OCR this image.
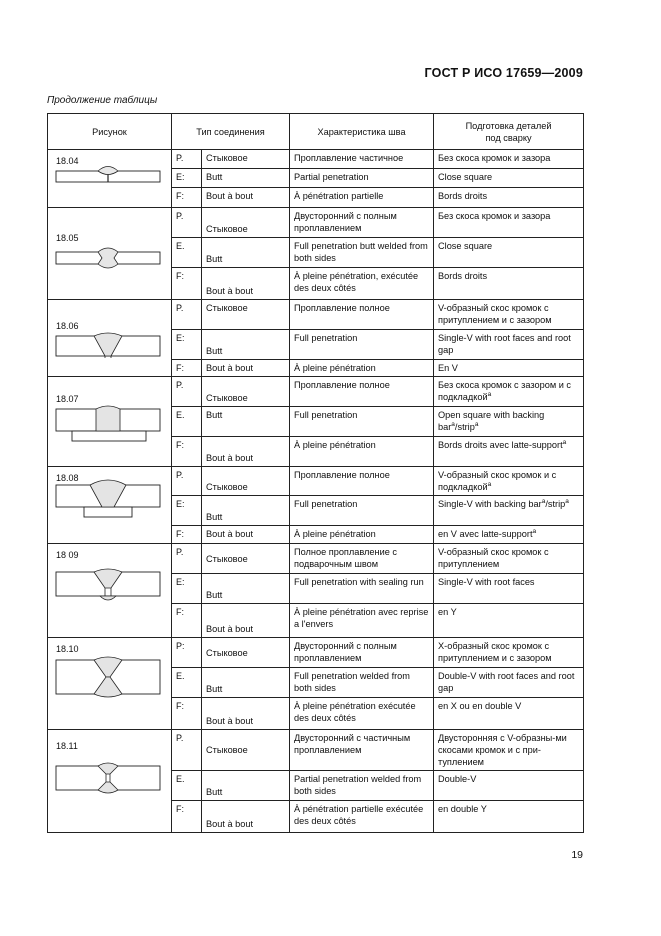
ГОСТ Р ИСО 17659—2009
Продолжение таблицы
Рисунок	Тип соединения		Характеристика шва	Подготовка деталей
под сварку

18.04	P.	Стыковое	Проплавление частичное	Без скоса кромок и зазора
	E:	Butt	Partial penetration	Close square
	F:	Bout à bout	À pénétration partielle	Bords droits

18.05	P.	Стыковое	Двусторонний с полным проплавлением	Без скоса кромок и зазора
	E.	Butt	Full penetration butt welded from both sides	Close square
	F:	Bout à bout	À pleine pénétration, exécutée des deux côtés	Bords droits

18.06	P.	Стыковое	Проплавление полное	V-образный скос кромок с притуплением и с зазором
	E:	Butt	Full penetration	Single-V with root faces and root gap
	F:	Bout à bout	À pleine pénétration	En V

18.07	P.	Стыковое	Проплавление полное	Без скоса кромок с зазором и с подкладкой$^a$
	E.	Butt	Full penetration	Open square with backing bar$^a$/strip$^a$
	F:	Bout à bout	À pleine pénétration	Bords droits avec latte-support$^a$

18.08	P.	Стыковое	Проплавление полное	V-образный скос кромок и с подкладкой$^a$
	E:	Butt	Full penetration	Single-V with backing bar$^a$/strip$^a$
	F:	Bout à bout	À pleine pénétration	en V avec latte-support$^a$

18 09	P.	Стыковое	Полное проплавление с подварочным швом	V-образный скос кромок с притуплением
	E:	Butt	Full penetration with sealing run	Single-V with root faces
	F:	Bout à bout	À pleine pénétration avec reprise a l'envers	en Y

18.10	P:	Стыковое	Двусторонний с полным проплавлением	X-образный скос кромок с притуплением и с зазором
	E.	Butt	Full penetration welded from both sides	Double-V with root faces and root gap
	F:	Bout à bout	À pleine pénétration exécutée des deux côtés	en X ou en double V

18.11	P.	Стыковое	Двусторонний с частичным проплавлением	Двусторонняя с V-образны-ми скосами кромок и с при-туплением
	E.	Butt	Partial penetration welded from both sides	Double-V
	F:	Bout à bout	À pénétration partielle exécutée des deux côtés	en double Y
19
